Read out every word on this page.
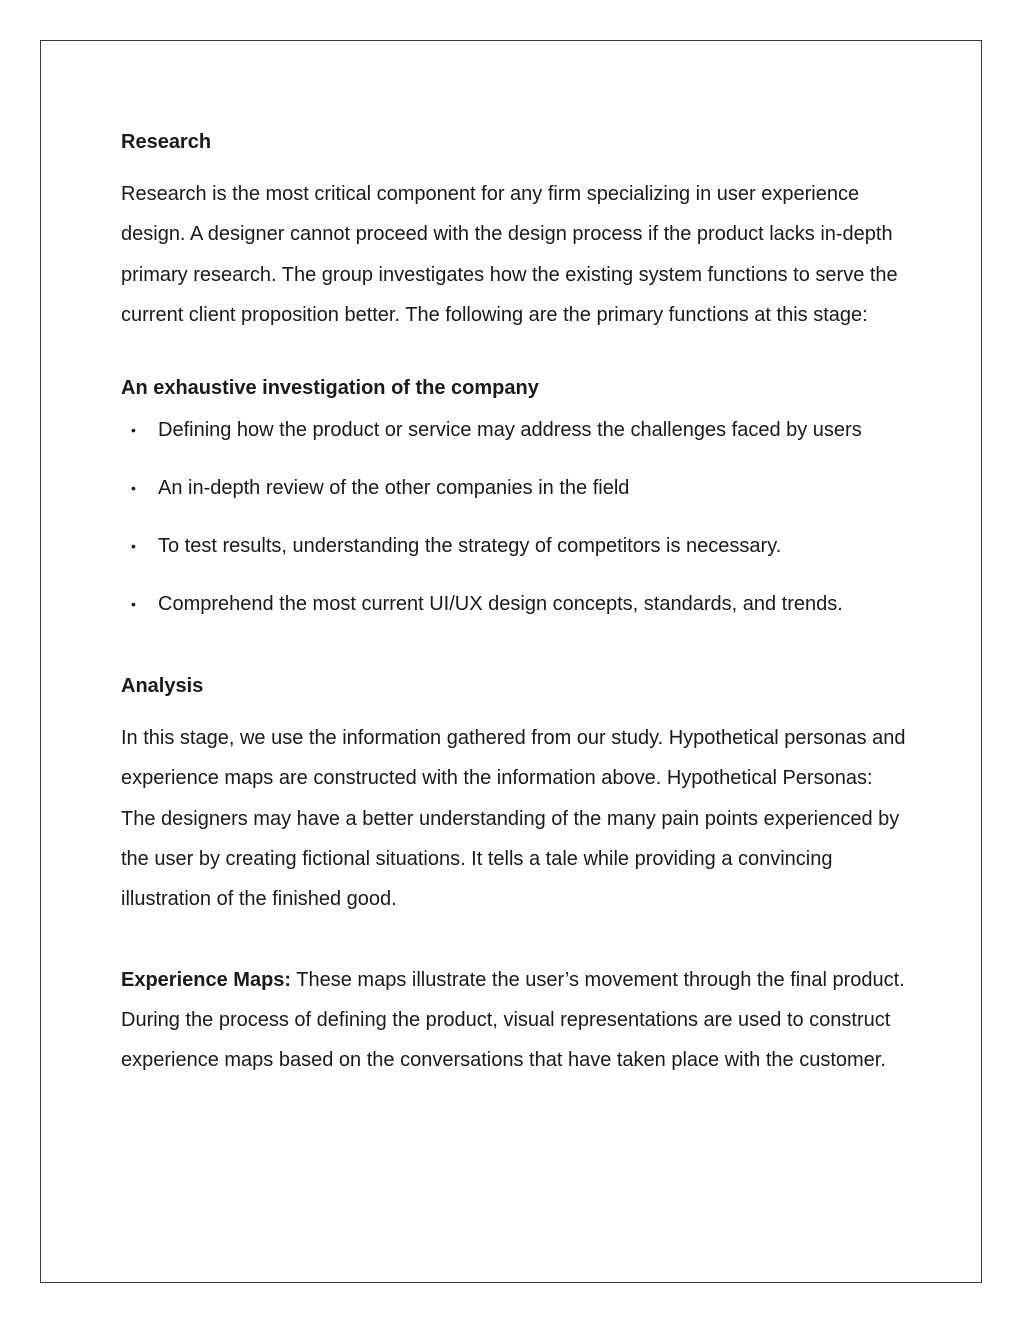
Research

Research is the most critical component for any firm specializing in user experience design. A designer cannot proceed with the design process if the product lacks in-depth primary research. The group investigates how the existing system functions to serve the current client proposition better. The following are the primary functions at this stage:

An exhaustive investigation of the company
• Defining how the product or service may address the challenges faced by users
• An in-depth review of the other companies in the field
• To test results, understanding the strategy of competitors is necessary.
• Comprehend the most current UI/UX design concepts, standards, and trends.
Analysis

In this stage, we use the information gathered from our study. Hypothetical personas and experience maps are constructed with the information above. Hypothetical Personas: The designers may have a better understanding of the many pain points experienced by the user by creating fictional situations. It tells a tale while providing a convincing illustration of the finished good.

Experience Maps: These maps illustrate the user’s movement through the final product. During the process of defining the product, visual representations are used to construct experience maps based on the conversations that have taken place with the customer.
